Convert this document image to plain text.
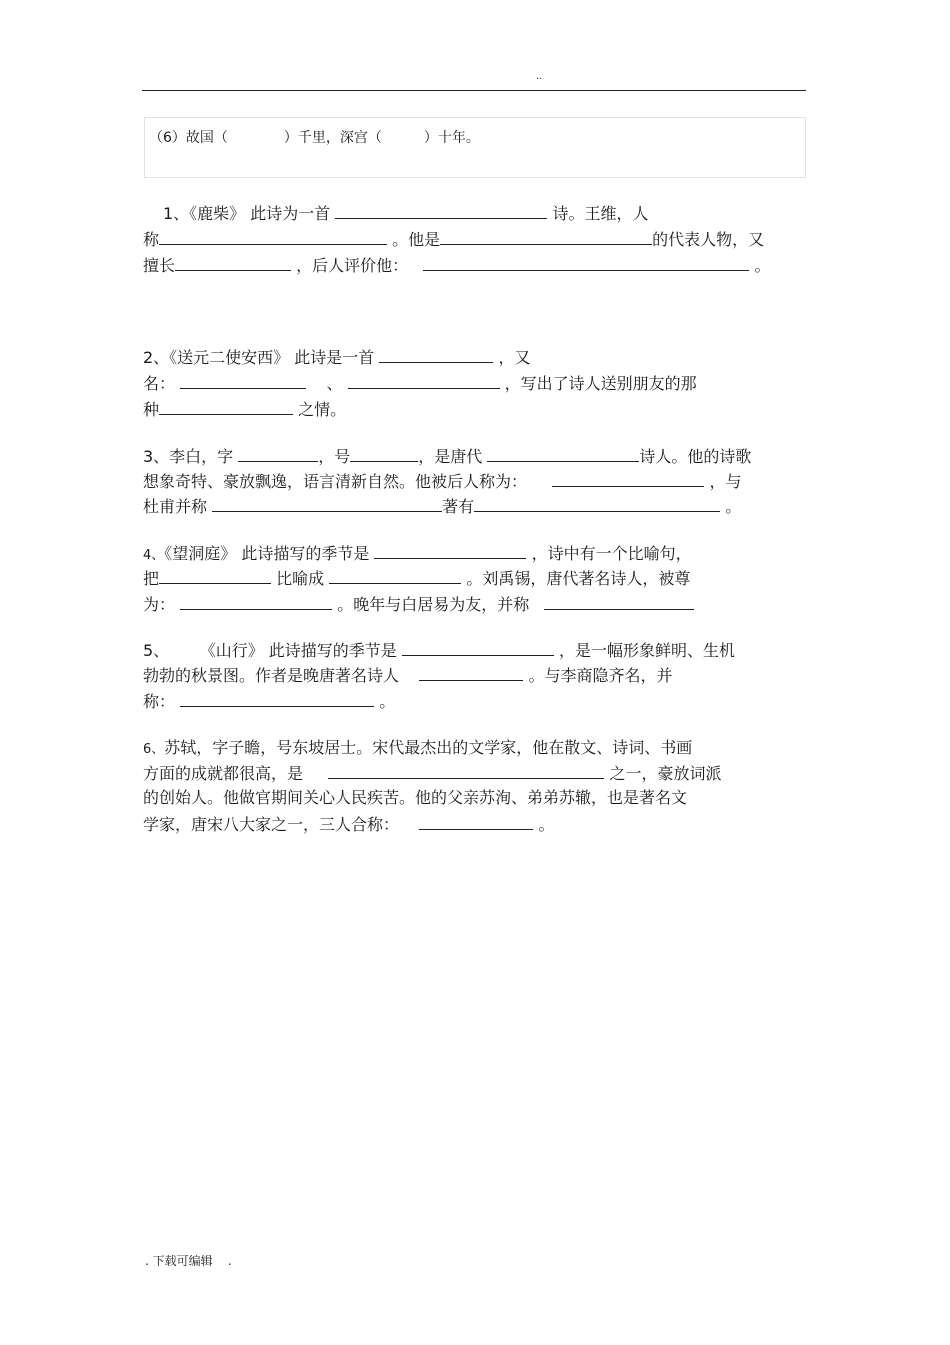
..
（6）故国（	）千里，深宫（	）十年。
1、《鹿柴》 此诗为一首	诗。王维，人
称	。他是	的代表人物，又
擅长	，后人评价他：	。
2、《送元二使安西》 此诗是一首	，又
名：	、	，写出了诗人送别朋友的那
种	之情。
3、李白，字	，号	，是唐代	诗人。他的诗歌
想象奇特、豪放飘逸，语言清新自然。他被后人称为：	，与
杜甫并称	著有	。
4、《望洞庭》 此诗描写的季节是	，诗中有一个比喻句，
把	比喻成	。刘禹锡，唐代著名诗人，被尊
为：	。晚年与白居易为友，并称
5、 《山行》 此诗描写的季节是	，是一幅形象鲜明、生机
勃勃的秋景图。作者是晚唐著名诗人	。与李商隐齐名，并
称：	。
6、苏轼，字子瞻，号东坡居士。宋代最杰出的文学家，他在散文、诗词、书画
方面的成就都很高，是	之一，豪放词派
的创始人。他做官期间关心人民疾苦。他的父亲苏洵、弟弟苏辙，也是著名文
学家，唐宋八大家之一，三人合称：	。
. 下载可编辑    .
